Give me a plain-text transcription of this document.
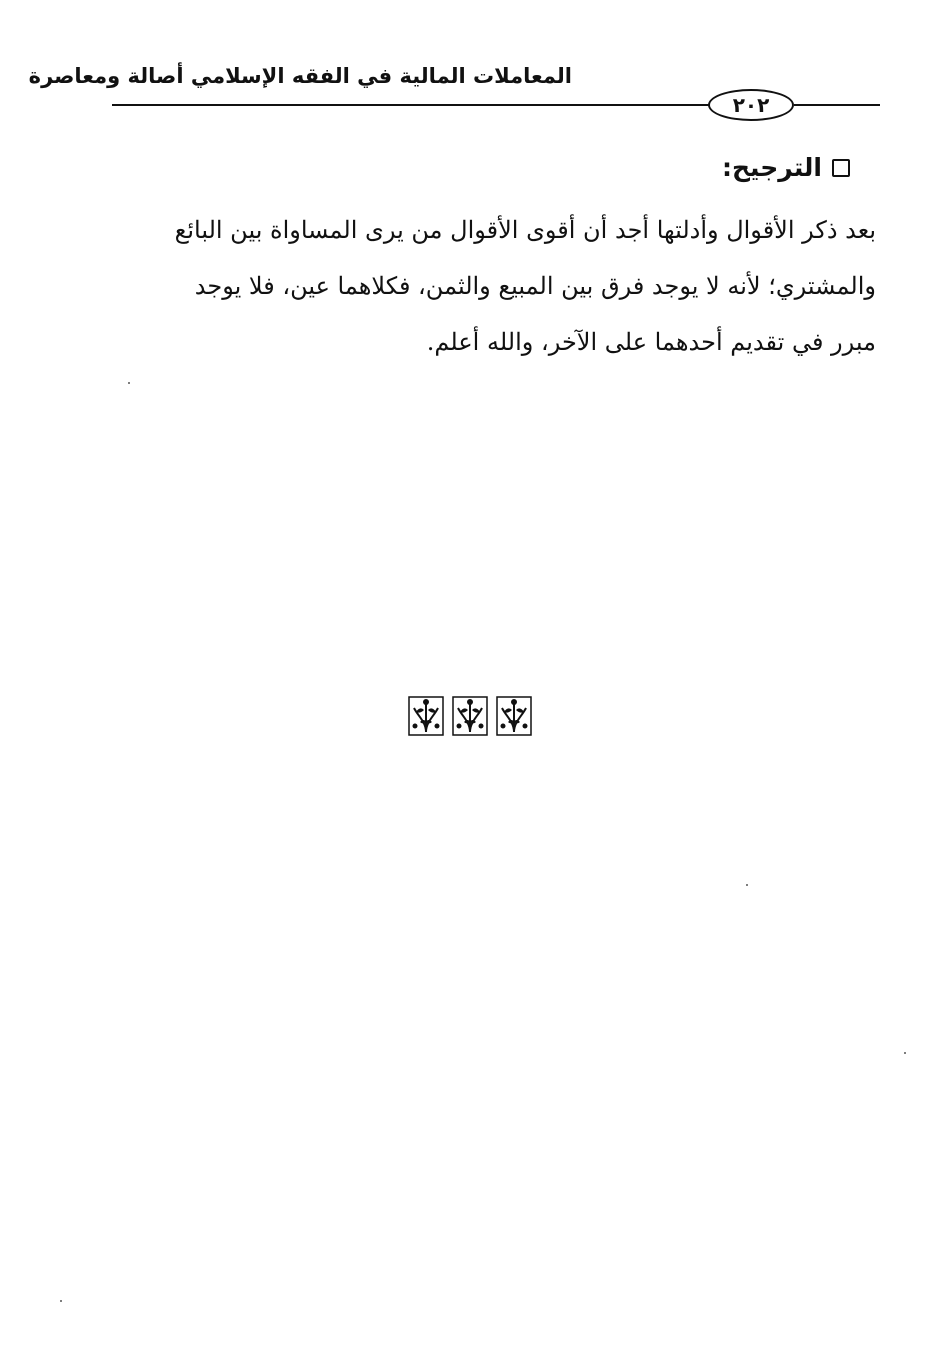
المعاملات المالية في الفقه الإسلامي أصالة ومعاصرة
٢٠٢
الترجيح:

بعد ذكر الأقوال وأدلتها أجد أن أقوى الأقوال من يرى المساواة بين البائع
والمشتري؛ لأنه لا يوجد فرق بين المبيع والثمن، فكلاهما عين، فلا يوجد
مبرر في تقديم أحدهما على الآخر، والله أعلم.
